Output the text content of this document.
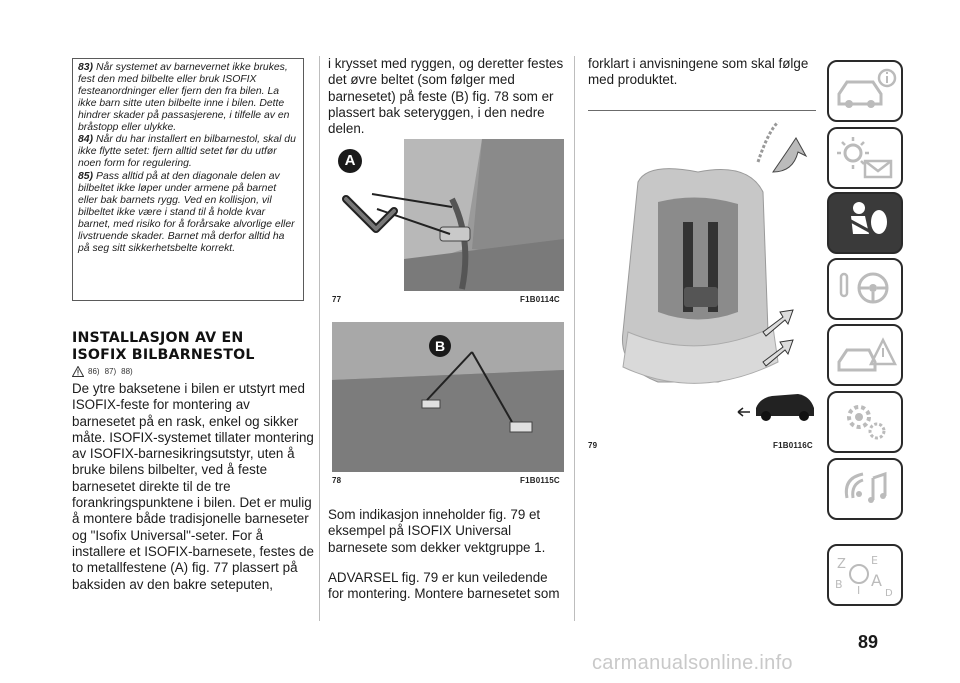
83) Når systemet av barnevernet ikke brukes, fest den med bilbelte eller bruk ISOFIX festeanordninger eller fjern den fra bilen. La ikke barn sitte uten bilbelte inne i bilen. Dette hindrer skader på passasjerene, i tilfelle av en bråstopp eller ulykke.

84) Når du har installert en bilbarnestol, skal du ikke flytte setet: fjern alltid setet før du utfør noen form for regulering.

85) Pass alltid på at den diagonale delen av bilbeltet ikke løper under armene på barnet eller bak barnets rygg. Ved en kollisjon, vil bilbeltet ikke være i stand til å holde kvar barnet, med risiko for å forårsake alvorlige eller livstruende skader. Barnet må derfor alltid ha på seg sitt sikkerhetsbelte korrekt.

INSTALLASJON AV EN
ISOFIX BILBARNESTOL
86) 87) 88)

De ytre baksetene i bilen er utstyrt med ISOFIX-feste for montering av barnesetet på en rask, enkel og sikker måte. ISOFIX-systemet tillater montering av ISOFIX-barnesikringsutstyr, uten å bruke bilens bilbelter, ved å feste barnesetet direkte til de tre forankringspunktene i bilen. Det er mulig å montere både tradisjonelle barneseter og "Isofix Universal"-seter. For å installere et ISOFIX-barnesete, festes de to metallfestene (A) fig. 77 plassert på baksiden av den bakre seteputen,

i krysset med ryggen, og deretter festes det øvre beltet (som følger med barnesetet) på feste (B) fig. 78 som er plassert bak seteryggen, i den nedre delen.

A
77	F1B0114C
B
78	F1B0115C

Som indikasjon inneholder fig. 79 et eksempel på ISOFIX Universal barnesete som dekker vektgruppe 1.

ADVARSEL fig. 79 er kun veiledende for montering. Montere barnesetet som

forklart i anvisningene som skal følge med produktet.

79	F1B0116C
Z E
B I
A
D
89
carmanualsonline.info
